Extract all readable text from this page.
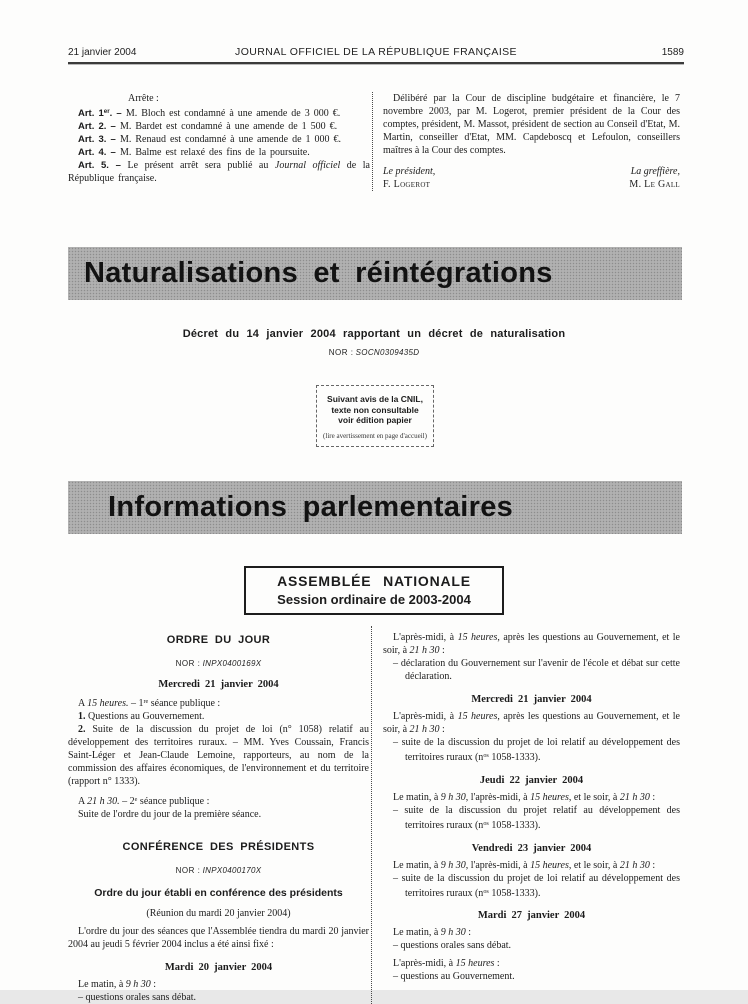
21 janvier 2004	JOURNAL OFFICIEL DE LA RÉPUBLIQUE FRANÇAISE	1589

Arrête :

Art. 1er. – M. Bloch est condamné à une amende de 3 000 €.

Art. 2. – M. Bardet est condamné à une amende de 1 500 €.

Art. 3. – M. Renaud est condamné à une amende de 1 000 €.

Art. 4. – M. Balme est relaxé des fins de la poursuite.

Art. 5. – Le présent arrêt sera publié au Journal officiel de la République française.

Délibéré par la Cour de discipline budgétaire et financière, le 7 novembre 2003, par M. Logerot, premier président de la Cour des comptes, président, M. Massot, président de section au Conseil d'Etat, M. Martin, conseiller d'Etat, MM. Capdeboscq et Lefoulon, conseillers maîtres à la Cour des comptes.

Le président,
F. Logerot
La greffière,
M. Le Gall
Naturalisations et réintégrations

Décret du 14 janvier 2004 rapportant un décret de naturalisation

NOR : SOCN0309435D

Suivant avis de la CNIL,

texte non consultable

voir édition papier

(lire avertissement en page d'accueil)

Informations parlementaires

ASSEMBLÉE NATIONALE

Session ordinaire de 2003-2004

ORDRE DU JOUR

NOR : INPX0400169X

Mercredi 21 janvier 2004

A 15 heures. – 1re séance publique :

1. Questions au Gouvernement.

2. Suite de la discussion du projet de loi (n° 1058) relatif au développement des territoires ruraux. – MM. Yves Coussain, Francis Saint-Léger et Jean-Claude Lemoine, rapporteurs, au nom de la commission des affaires économiques, de l'environnement et du territoire (rapport n° 1333).

A 21 h 30. – 2e séance publique :

Suite de l'ordre du jour de la première séance.

CONFÉRENCE DES PRÉSIDENTS

NOR : INPX0400170X

Ordre du jour établi en conférence des présidents

(Réunion du mardi 20 janvier 2004)

L'ordre du jour des séances que l'Assemblée tiendra du mardi 20 janvier 2004 au jeudi 5 février 2004 inclus a été ainsi fixé :

Mardi 20 janvier 2004

Le matin, à 9 h 30 :

– questions orales sans débat.

L'après-midi, à 15 heures, après les questions au Gouvernement, et le soir, à 21 h 30 :

– déclaration du Gouvernement sur l'avenir de l'école et débat sur cette déclaration.

Mercredi 21 janvier 2004

L'après-midi, à 15 heures, après les questions au Gouvernement, et le soir, à 21 h 30 :

– suite de la discussion du projet de loi relatif au développement des territoires ruraux ($n^{os}$ 1058-1333).

Jeudi 22 janvier 2004

Le matin, à 9 h 30, l'après-midi, à 15 heures, et le soir, à 21 h 30 :

– suite de la discussion du projet relatif au développement des territoires ruraux ($n^{os}$ 1058-1333).

Vendredi 23 janvier 2004

Le matin, à 9 h 30, l'après-midi, à 15 heures, et le soir, à 21 h 30 :

– suite de la discussion du projet de loi relatif au développement des territoires ruraux ($n^{os}$ 1058-1333).

Mardi 27 janvier 2004

Le matin, à 9 h 30 :

– questions orales sans débat.

L'après-midi, à 15 heures :

– questions au Gouvernement.
